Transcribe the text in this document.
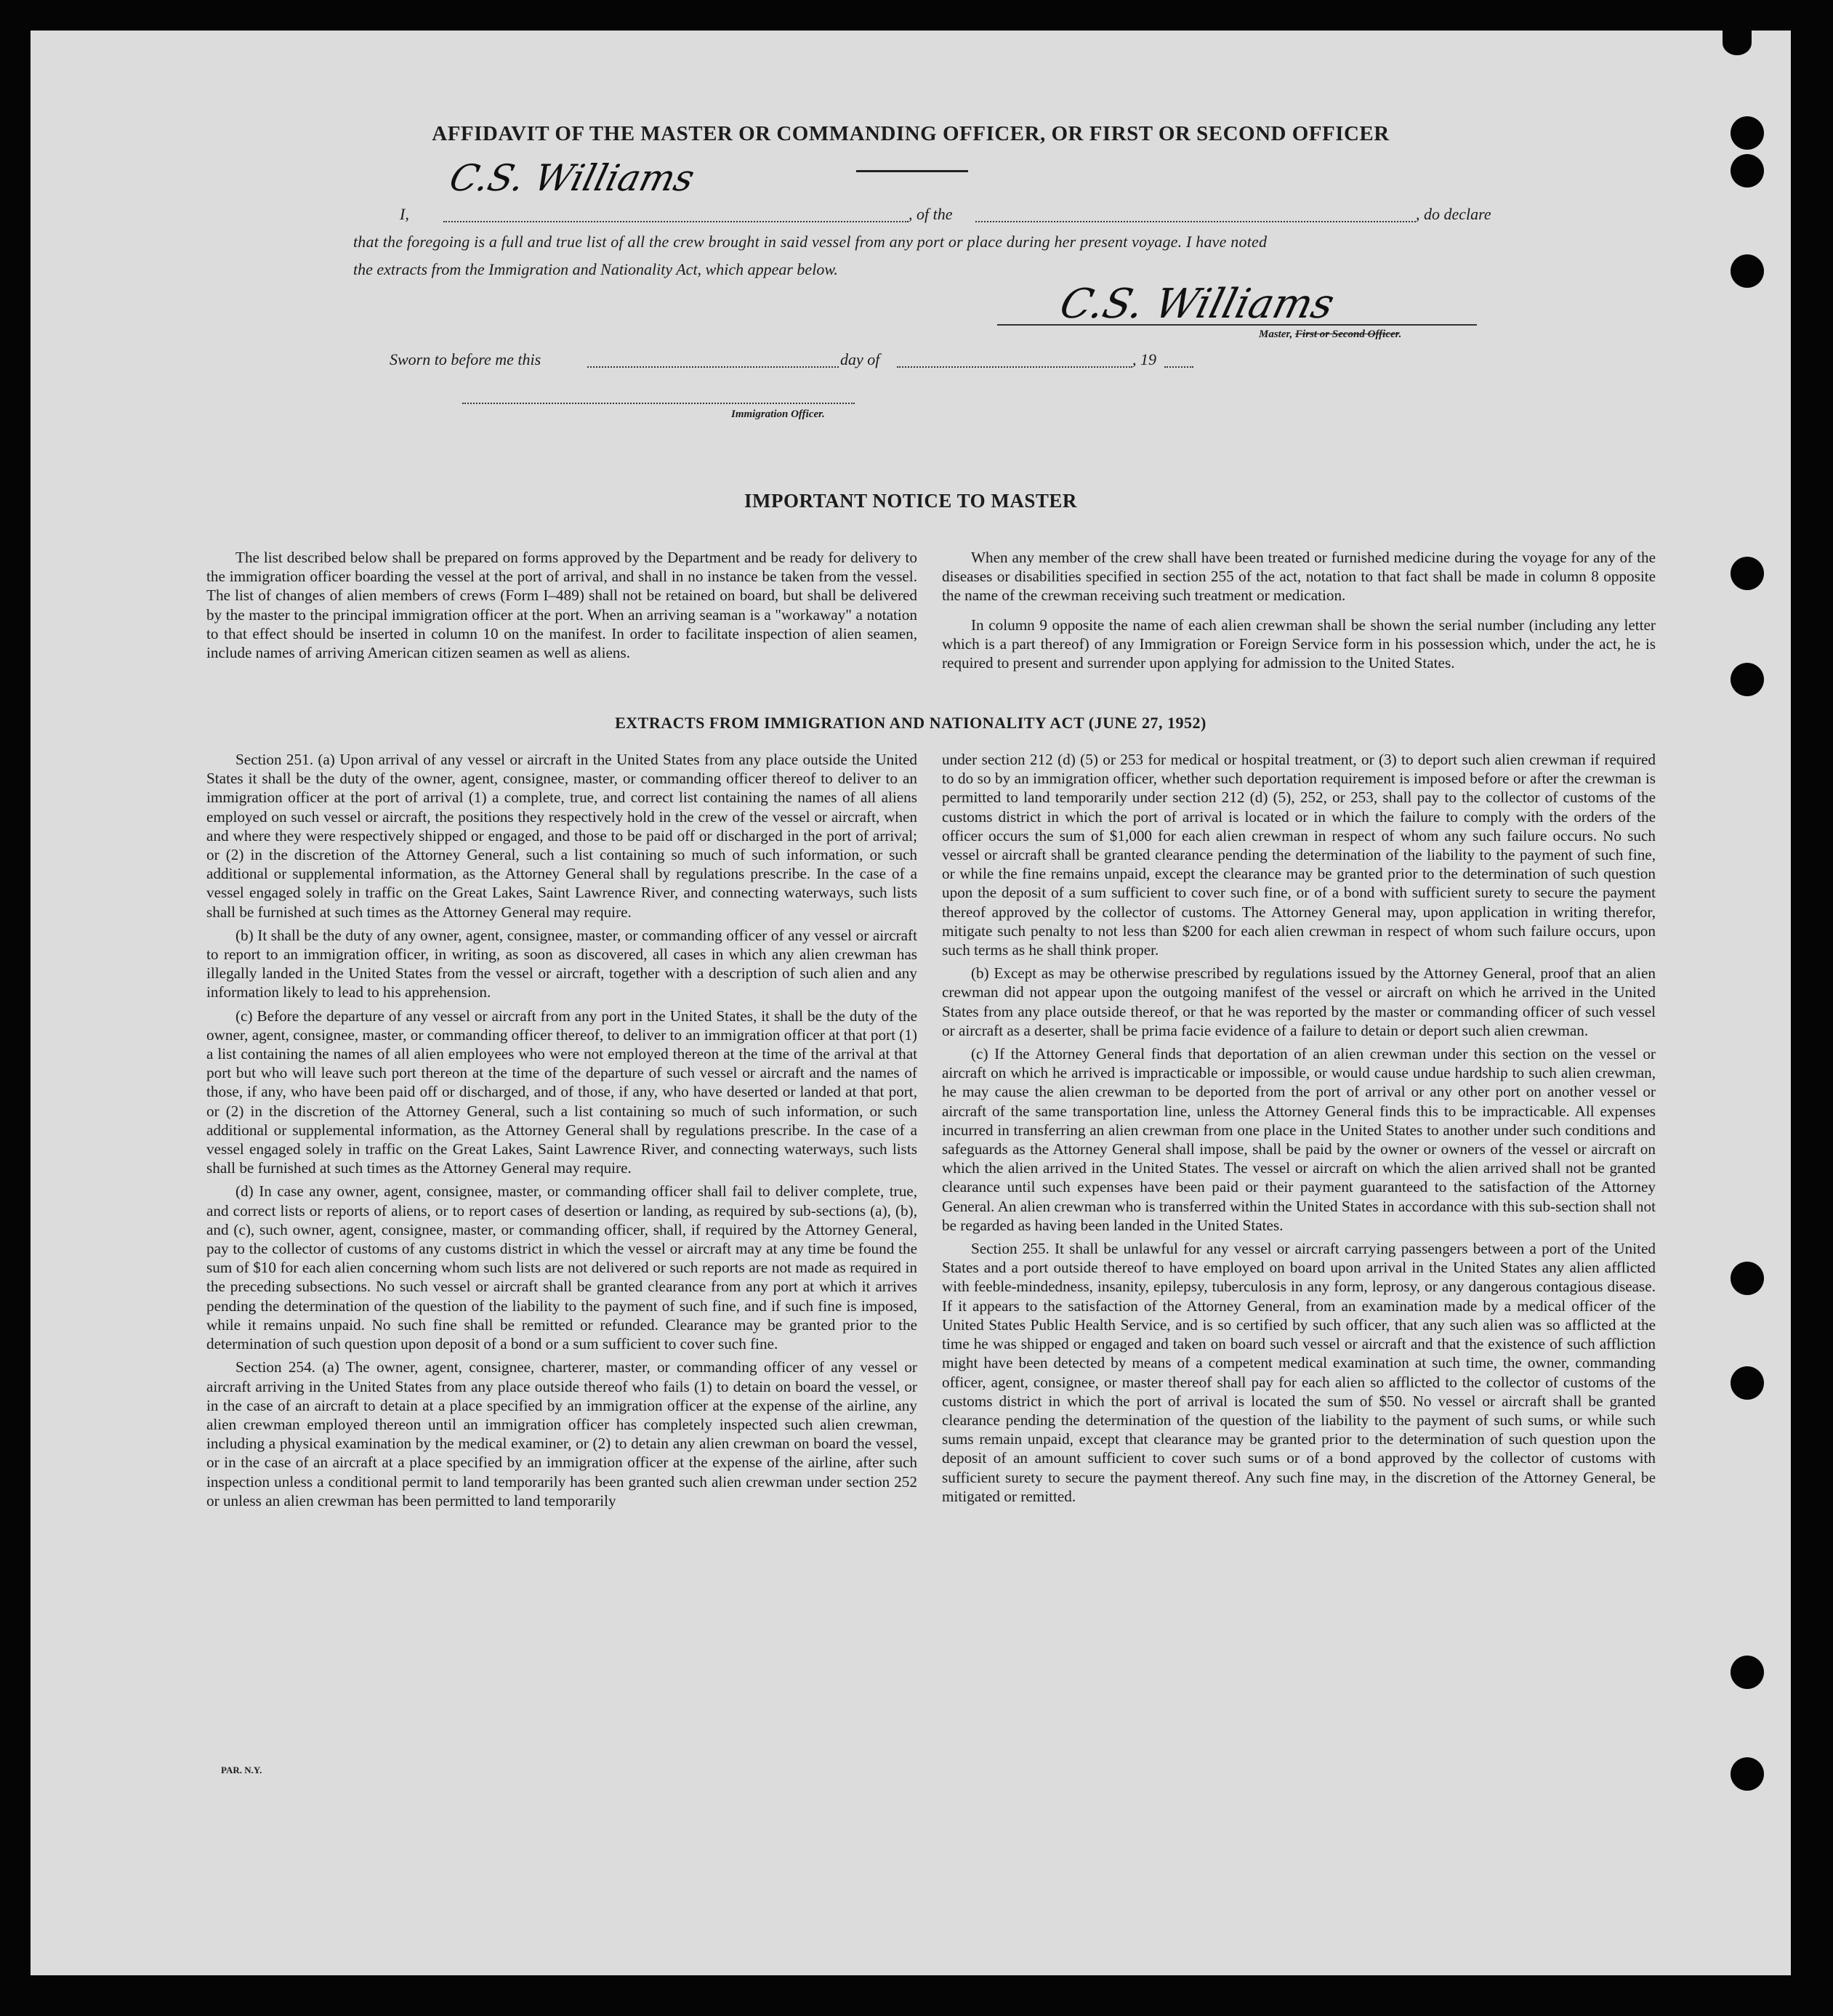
AFFIDAVIT OF THE MASTER OR COMMANDING OFFICER, OR FIRST OR SECOND OFFICER
C.S. Williams
I,	, of the	, do declare
that the foregoing is a full and true list of all the crew brought in said vessel from any port or place during her present voyage. I have noted
the extracts from the Immigration and Nationality Act, which appear below.
C.S. Williams
Master, First or Second Officer.
Sworn to before me this	day of	, 19
Immigration Officer.
IMPORTANT NOTICE TO MASTER

The list described below shall be prepared on forms approved by the Department and be ready for delivery to the immigration officer boarding the vessel at the port of arrival, and shall in no instance be taken from the vessel. The list of changes of alien members of crews (Form I–489) shall not be retained on board, but shall be delivered by the master to the principal immigration officer at the port. When an arriving seaman is a "workaway" a notation to that effect should be inserted in column 10 on the manifest. In order to facilitate inspection of alien seamen, include names of arriving American citizen seamen as well as aliens.

When any member of the crew shall have been treated or furnished medicine during the voyage for any of the diseases or disabilities specified in section 255 of the act, notation to that fact shall be made in column 8 opposite the name of the crewman receiving such treatment or medication.

In column 9 opposite the name of each alien crewman shall be shown the serial number (including any letter which is a part thereof) of any Immigration or Foreign Service form in his possession which, under the act, he is required to present and surrender upon applying for admission to the United States.

EXTRACTS FROM IMMIGRATION AND NATIONALITY ACT (JUNE 27, 1952)

Section 251. (a) Upon arrival of any vessel or aircraft in the United States from any place outside the United States it shall be the duty of the owner, agent, consignee, master, or commanding officer thereof to deliver to an immigration officer at the port of arrival (1) a complete, true, and correct list containing the names of all aliens employed on such vessel or aircraft, the positions they respectively hold in the crew of the vessel or aircraft, when and where they were respectively shipped or engaged, and those to be paid off or discharged in the port of arrival; or (2) in the discretion of the Attorney General, such a list containing so much of such information, or such additional or supplemental information, as the Attorney General shall by regulations prescribe. In the case of a vessel engaged solely in traffic on the Great Lakes, Saint Lawrence River, and connecting waterways, such lists shall be furnished at such times as the Attorney General may require.

(b) It shall be the duty of any owner, agent, consignee, master, or commanding officer of any vessel or aircraft to report to an immigration officer, in writing, as soon as discovered, all cases in which any alien crewman has illegally landed in the United States from the vessel or aircraft, together with a description of such alien and any information likely to lead to his apprehension.

(c) Before the departure of any vessel or aircraft from any port in the United States, it shall be the duty of the owner, agent, consignee, master, or commanding officer thereof, to deliver to an immigration officer at that port (1) a list containing the names of all alien employees who were not employed thereon at the time of the arrival at that port but who will leave such port thereon at the time of the departure of such vessel or aircraft and the names of those, if any, who have been paid off or discharged, and of those, if any, who have deserted or landed at that port, or (2) in the discretion of the Attorney General, such a list containing so much of such information, or such additional or supplemental information, as the Attorney General shall by regulations prescribe. In the case of a vessel engaged solely in traffic on the Great Lakes, Saint Lawrence River, and connecting waterways, such lists shall be furnished at such times as the Attorney General may require.

(d) In case any owner, agent, consignee, master, or commanding officer shall fail to deliver complete, true, and correct lists or reports of aliens, or to report cases of desertion or landing, as required by sub-sections (a), (b), and (c), such owner, agent, consignee, master, or commanding officer, shall, if required by the Attorney General, pay to the collector of customs of any customs district in which the vessel or aircraft may at any time be found the sum of $10 for each alien concerning whom such lists are not delivered or such reports are not made as required in the preceding subsections. No such vessel or aircraft shall be granted clearance from any port at which it arrives pending the determination of the question of the liability to the payment of such fine, and if such fine is imposed, while it remains unpaid. No such fine shall be remitted or refunded. Clearance may be granted prior to the determination of such question upon deposit of a bond or a sum sufficient to cover such fine.

Section 254. (a) The owner, agent, consignee, charterer, master, or commanding officer of any vessel or aircraft arriving in the United States from any place outside thereof who fails (1) to detain on board the vessel, or in the case of an aircraft to detain at a place specified by an immigration officer at the expense of the airline, any alien crewman employed thereon until an immigration officer has completely inspected such alien crewman, including a physical examination by the medical examiner, or (2) to detain any alien crewman on board the vessel, or in the case of an aircraft at a place specified by an immigration officer at the expense of the airline, after such inspection unless a conditional permit to land temporarily has been granted such alien crewman under section 252 or unless an alien crewman has been permitted to land temporarily

under section 212 (d) (5) or 253 for medical or hospital treatment, or (3) to deport such alien crewman if required to do so by an immigration officer, whether such deportation requirement is imposed before or after the crewman is permitted to land temporarily under section 212 (d) (5), 252, or 253, shall pay to the collector of customs of the customs district in which the port of arrival is located or in which the failure to comply with the orders of the officer occurs the sum of $1,000 for each alien crewman in respect of whom any such failure occurs. No such vessel or aircraft shall be granted clearance pending the determination of the liability to the payment of such fine, or while the fine remains unpaid, except the clearance may be granted prior to the determination of such question upon the deposit of a sum sufficient to cover such fine, or of a bond with sufficient surety to secure the payment thereof approved by the collector of customs. The Attorney General may, upon application in writing therefor, mitigate such penalty to not less than $200 for each alien crewman in respect of whom such failure occurs, upon such terms as he shall think proper.

(b) Except as may be otherwise prescribed by regulations issued by the Attorney General, proof that an alien crewman did not appear upon the outgoing manifest of the vessel or aircraft on which he arrived in the United States from any place outside thereof, or that he was reported by the master or commanding officer of such vessel or aircraft as a deserter, shall be prima facie evidence of a failure to detain or deport such alien crewman.

(c) If the Attorney General finds that deportation of an alien crewman under this section on the vessel or aircraft on which he arrived is impracticable or impossible, or would cause undue hardship to such alien crewman, he may cause the alien crewman to be deported from the port of arrival or any other port on another vessel or aircraft of the same transportation line, unless the Attorney General finds this to be impracticable. All expenses incurred in transferring an alien crewman from one place in the United States to another under such conditions and safeguards as the Attorney General shall impose, shall be paid by the owner or owners of the vessel or aircraft on which the alien arrived in the United States. The vessel or aircraft on which the alien arrived shall not be granted clearance until such expenses have been paid or their payment guaranteed to the satisfaction of the Attorney General. An alien crewman who is transferred within the United States in accordance with this sub-section shall not be regarded as having been landed in the United States.

Section 255. It shall be unlawful for any vessel or aircraft carrying passengers between a port of the United States and a port outside thereof to have employed on board upon arrival in the United States any alien afflicted with feeble-mindedness, insanity, epilepsy, tuberculosis in any form, leprosy, or any dangerous contagious disease. If it appears to the satisfaction of the Attorney General, from an examination made by a medical officer of the United States Public Health Service, and is so certified by such officer, that any such alien was so afflicted at the time he was shipped or engaged and taken on board such vessel or aircraft and that the existence of such affliction might have been detected by means of a competent medical examination at such time, the owner, commanding officer, agent, consignee, or master thereof shall pay for each alien so afflicted to the collector of customs of the customs district in which the port of arrival is located the sum of $50. No vessel or aircraft shall be granted clearance pending the determination of the question of the liability to the payment of such sums, or while such sums remain unpaid, except that clearance may be granted prior to the determination of such question upon the deposit of an amount sufficient to cover such sums or of a bond approved by the collector of customs with sufficient surety to secure the payment thereof. Any such fine may, in the discretion of the Attorney General, be mitigated or remitted.

PAR. N.Y.
